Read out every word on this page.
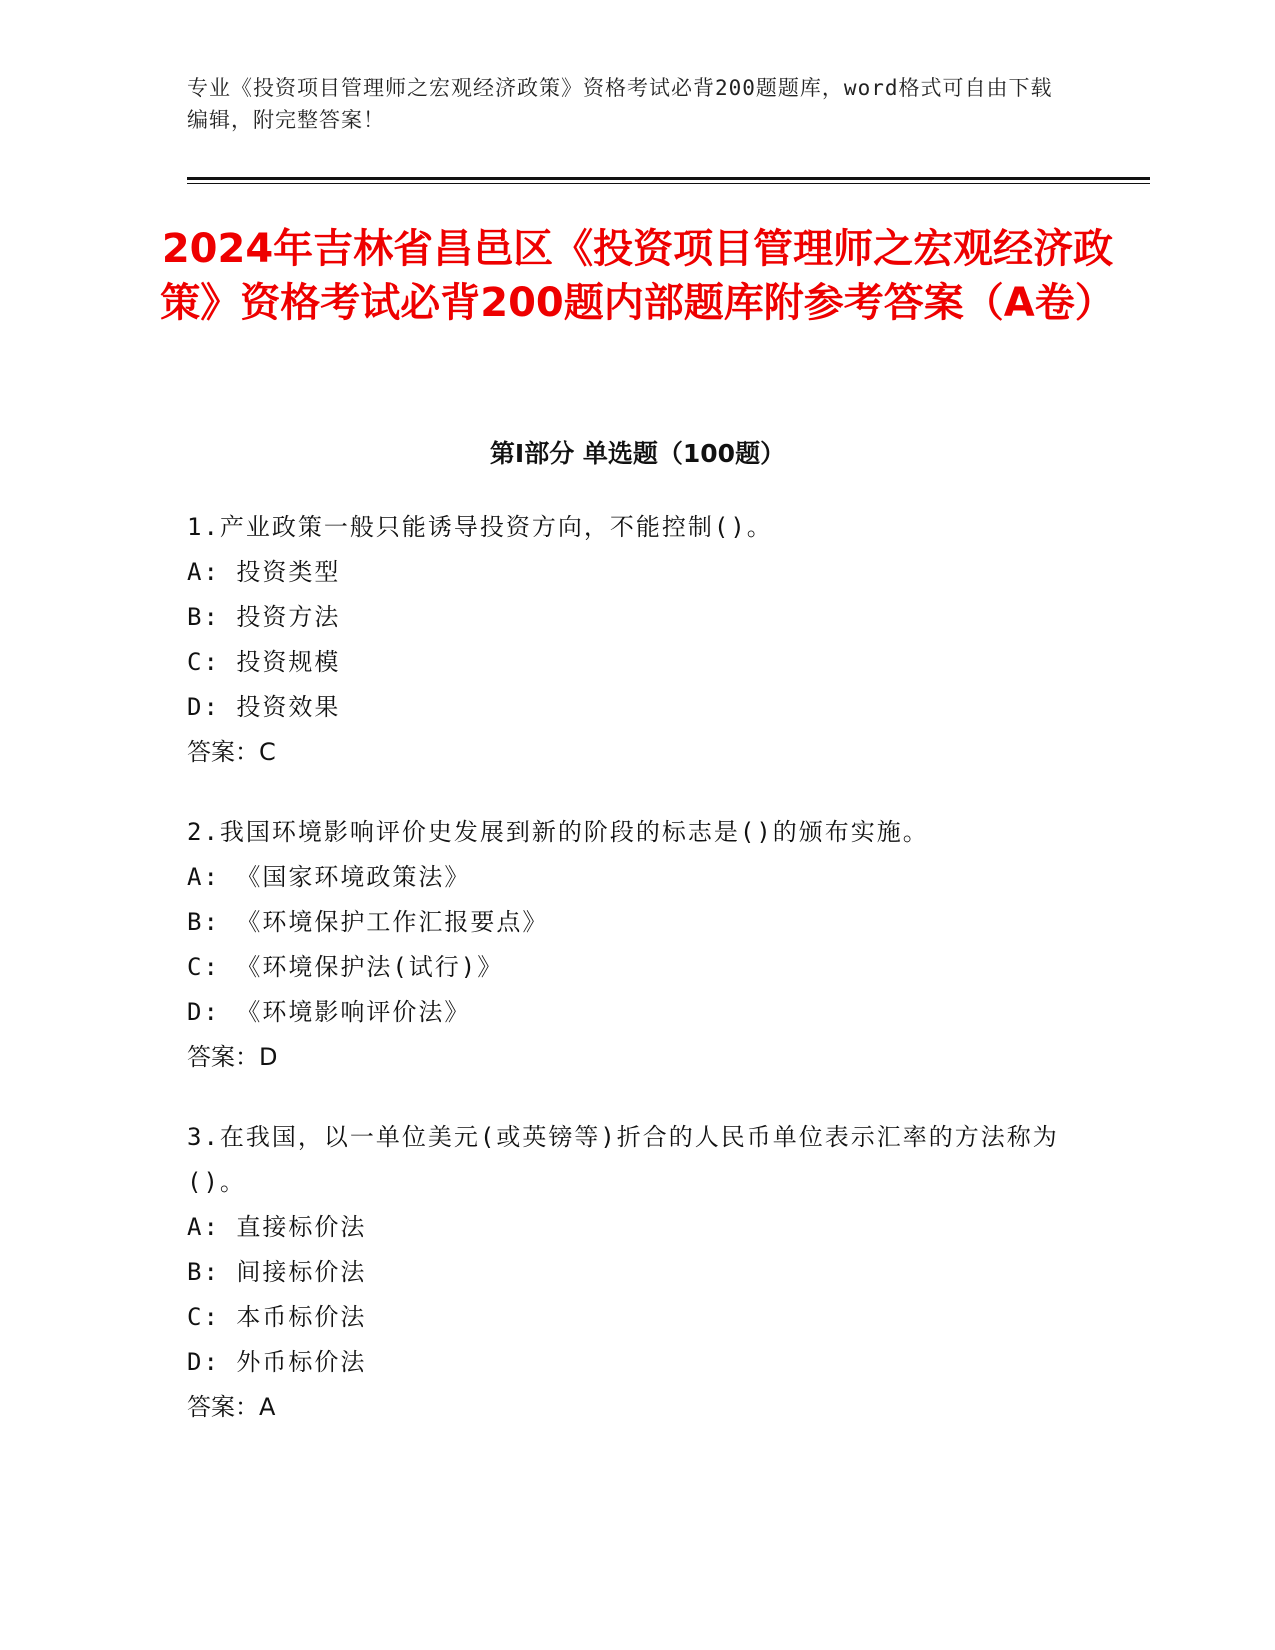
专业《投资项目管理师之宏观经济政策》资格考试必背200题题库，word格式可自由下载编辑，附完整答案！

2024年吉林省昌邑区《投资项目管理师之宏观经济政策》资格考试必背200题内部题库附参考答案（A卷）
第Ⅰ部分 单选题（100题）

1.产业政策一般只能诱导投资方向，不能控制()。

A: 投资类型

B: 投资方法

C: 投资规模

D: 投资效果

答案：C

2.我国环境影响评价史发展到新的阶段的标志是()的颁布实施。

A: 《国家环境政策法》

B: 《环境保护工作汇报要点》

C: 《环境保护法(试行)》

D: 《环境影响评价法》

答案：D

3.在我国，以一单位美元(或英镑等)折合的人民币单位表示汇率的方法称为()。

A: 直接标价法

B: 间接标价法

C: 本币标价法

D: 外币标价法

答案：A
